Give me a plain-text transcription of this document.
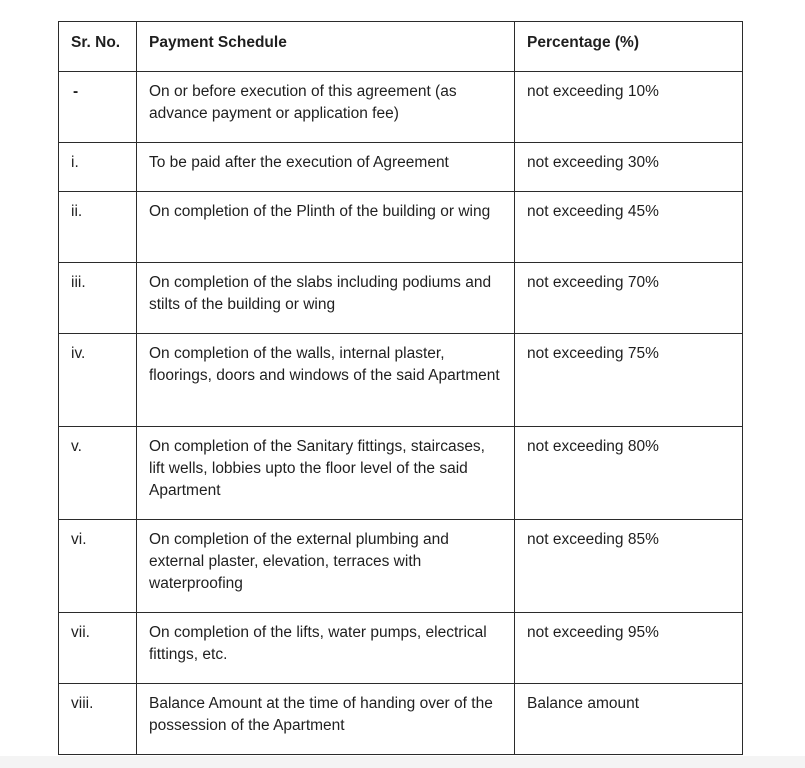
Sr. No.	Payment Schedule	Percentage (%)

-	On or before execution of this agreement (as advance payment or application fee)	not exceeding 10%

i.	To be paid after the execution of Agreement	not exceeding 30%

ii.	On completion of the Plinth of the building or wing	not exceeding 45%

iii.	On completion of the slabs including podiums and stilts of the building or wing	not exceeding 70%

iv.	On completion of the walls, internal plaster, floorings, doors and windows of the said Apartment	not exceeding 75%

v.	On completion of the Sanitary fittings, staircases, lift wells, lobbies upto the floor level of the said Apartment	not exceeding 80%

vi.	On completion of the external plumbing and external plaster, elevation, terraces with waterproofing	not exceeding 85%

vii.	On completion of the lifts, water pumps, electrical fittings, etc.	not exceeding 95%

viii.	Balance Amount at the time of handing over of the possession of the Apartment	Balance amount
